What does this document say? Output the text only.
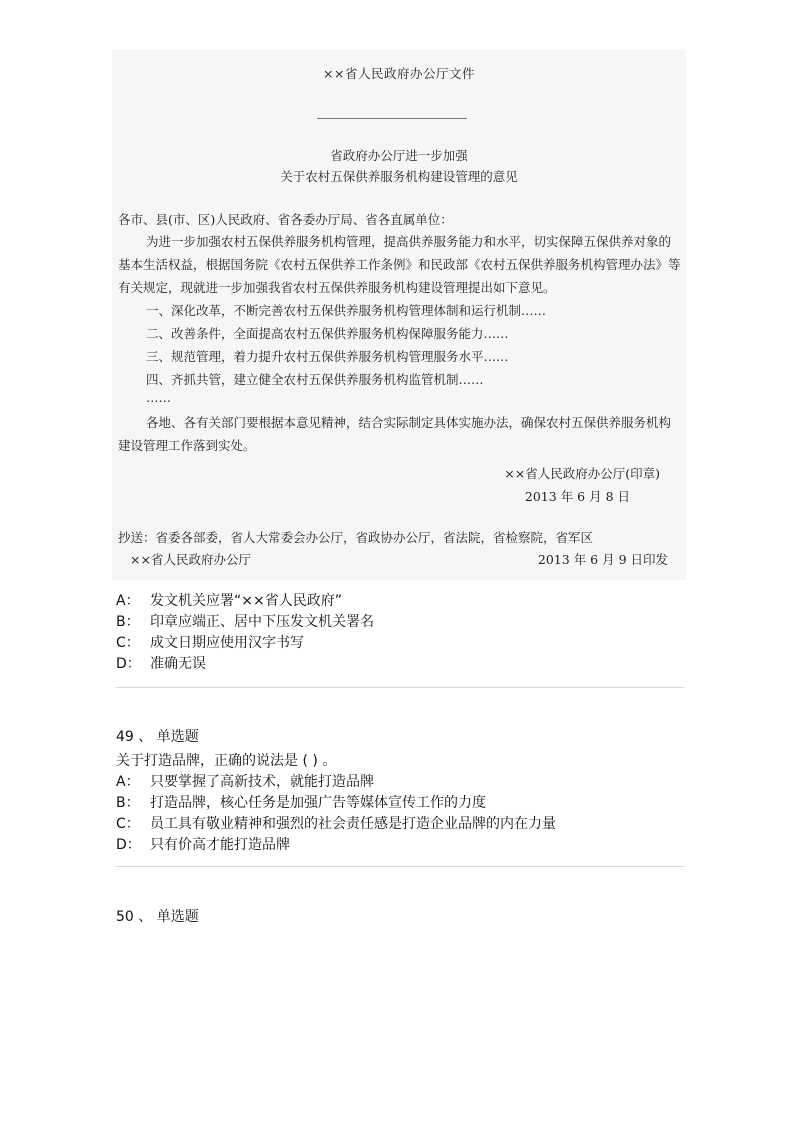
××省人民政府办公厅文件
省政府办公厅进一步加强
关于农村五保供养服务机构建设管理的意见
各市、县(市、区)人民政府、省各委办厅局、省各直属单位：
为进一步加强农村五保供养服务机构管理，提高供养服务能力和水平，切实保障五保供养对象的
基本生活权益，根据国务院《农村五保供养工作条例》和民政部《农村五保供养服务机构管理办法》等
有关规定，现就进一步加强我省农村五保供养服务机构建设管理提出如下意见。
一、深化改革，不断完善农村五保供养服务机构管理体制和运行机制……
二、改善条件，全面提高农村五保供养服务机构保障服务能力……
三、规范管理，着力提升农村五保供养服务机构管理服务水平……
四、齐抓共管，建立健全农村五保供养服务机构监管机制……
……
各地、各有关部门要根据本意见精神，结合实际制定具体实施办法，确保农村五保供养服务机构
建设管理工作落到实处。
××省人民政府办公厅(印章)
2013 年 6 月 8 日
抄送：省委各部委，省人大常委会办公厅，省政协办公厅，省法院，省检察院，省军区
××省人民政府办公厅	2013 年 6 月 9 日印发
A： 发文机关应署“××省人民政府”
B： 印章应端正、居中下压发文机关署名
C： 成文日期应使用汉字书写
D： 准确无误
49 、 单选题
关于打造品牌，正确的说法是 ( ) 。
A： 只要掌握了高新技术，就能打造品牌
B： 打造品牌，核心任务是加强广告等媒体宣传工作的力度
C： 员工具有敬业精神和强烈的社会责任感是打造企业品牌的内在力量
D： 只有价高才能打造品牌
50 、 单选题
